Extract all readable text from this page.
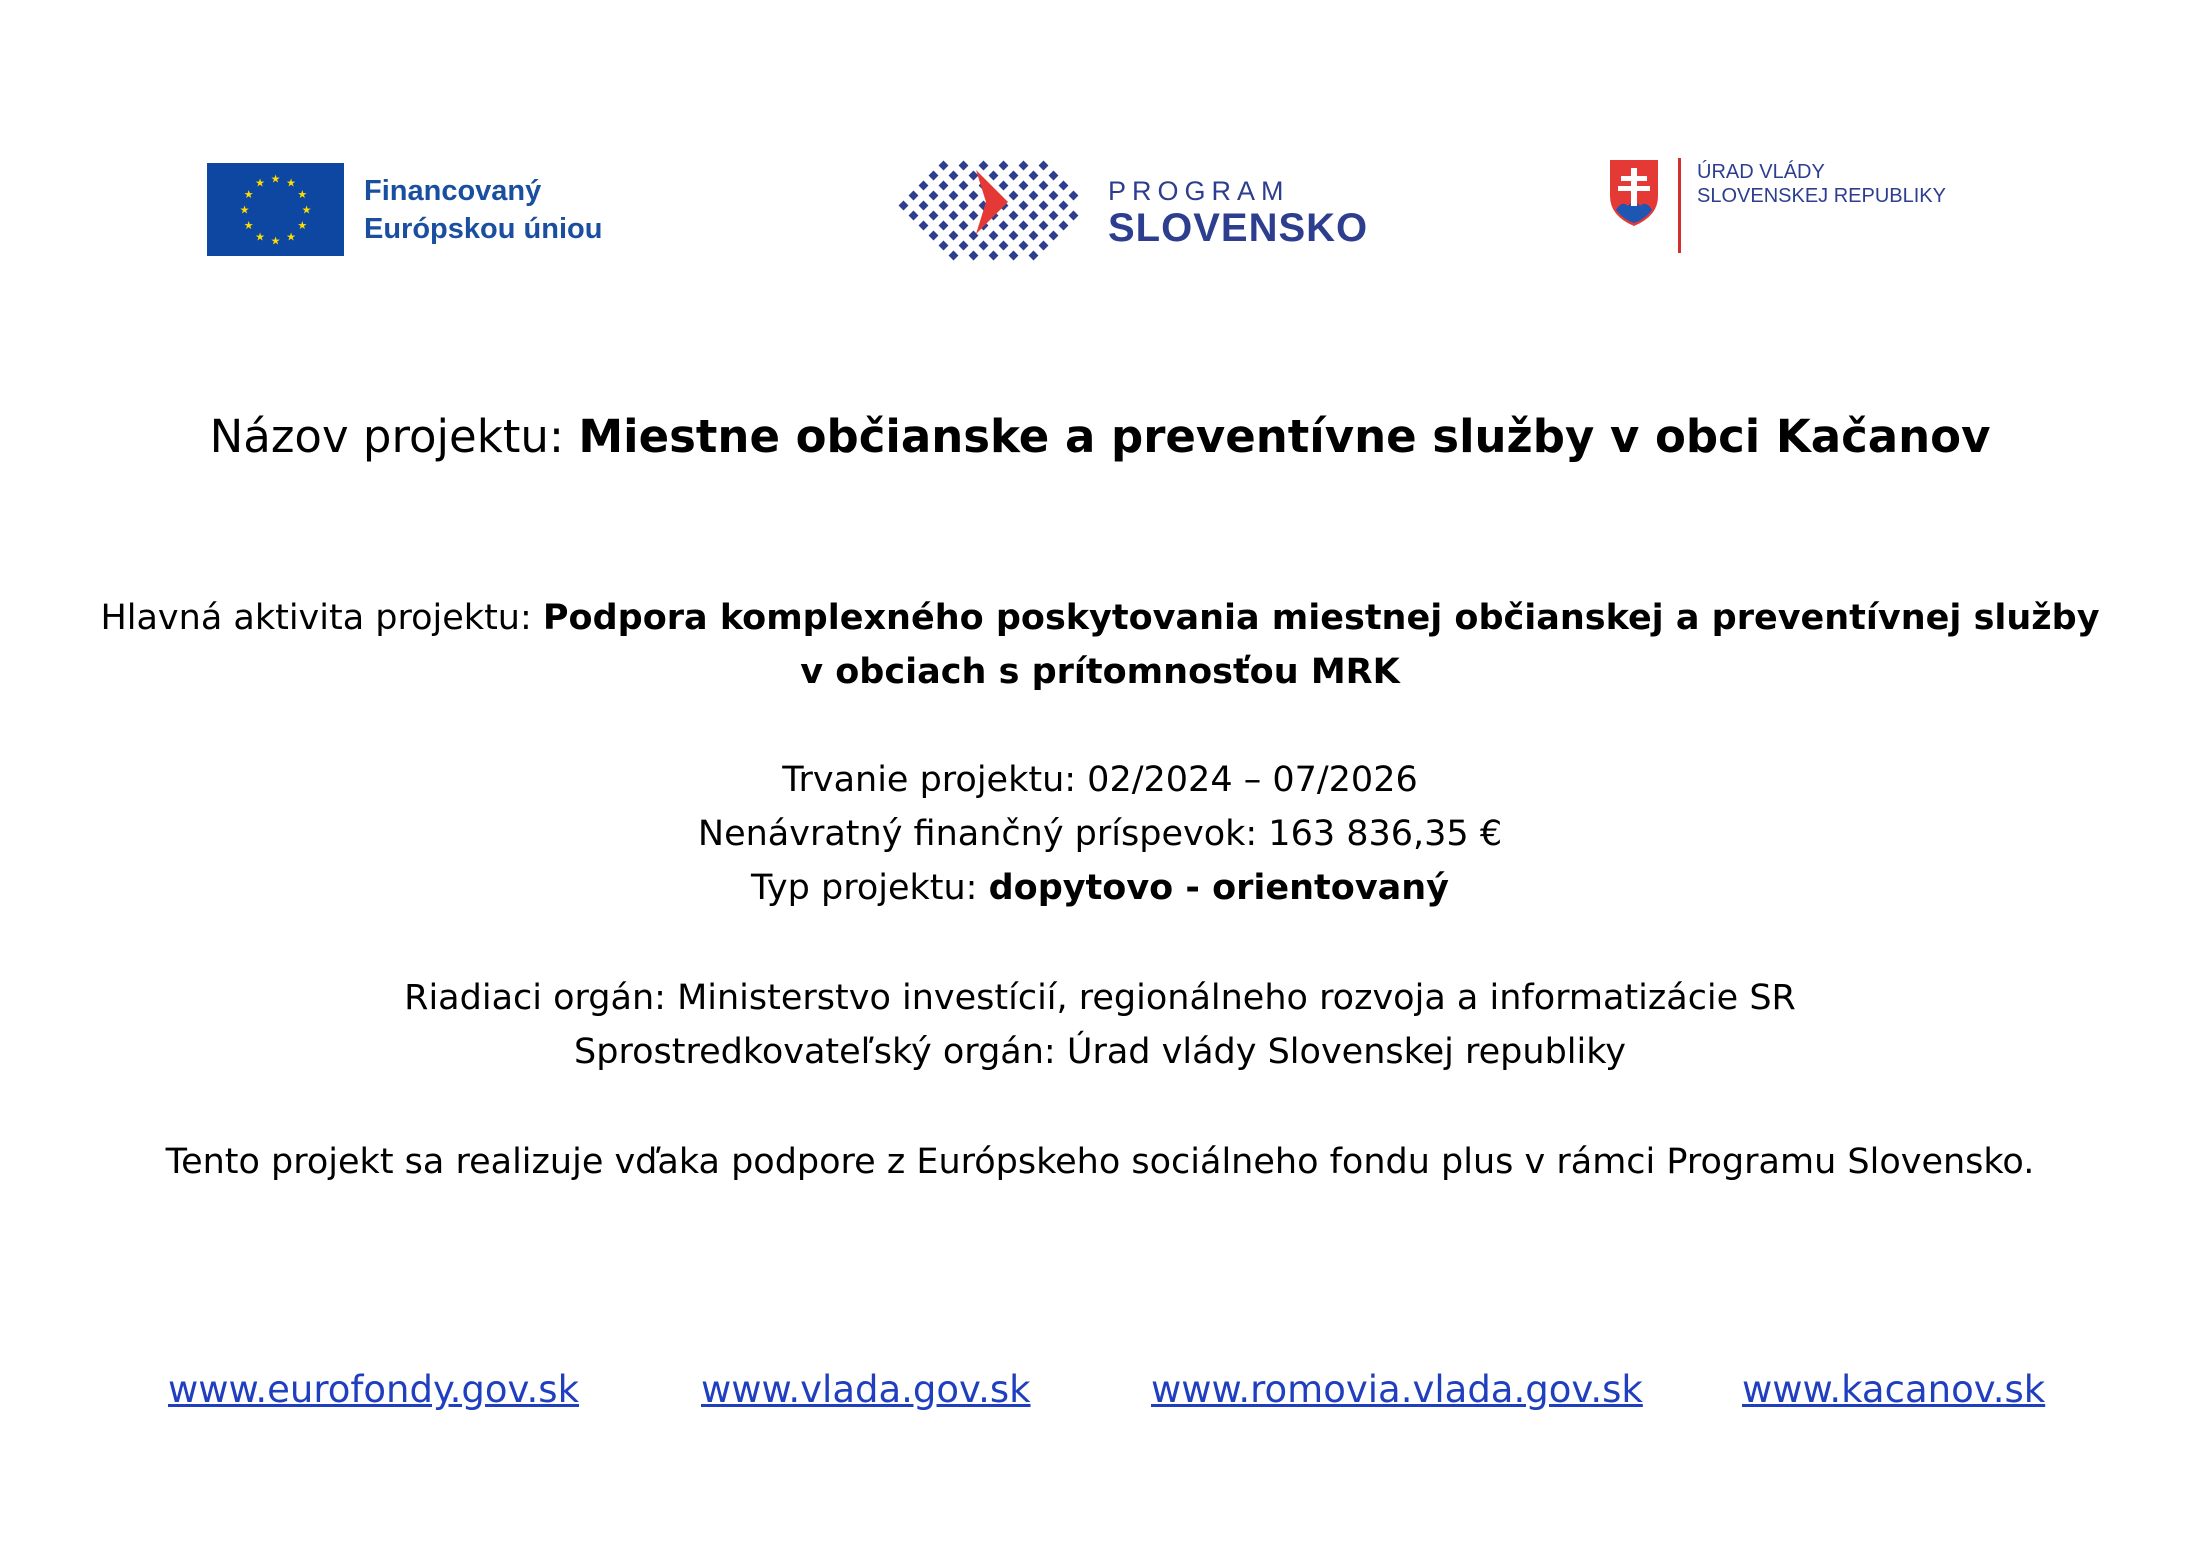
★ ★
★
★
★
★
★
★
★
★
★
★	Financovaný
Európskou úniou
PROGRAM
SLOVENSKO
ÚRAD VLÁDY
SLOVENSKEJ REPUBLIKY
Názov projektu: Miestne občianske a preventívne služby v obci Kačanov
Hlavná aktivita projektu: Podpora komplexného poskytovania miestnej občianskej a preventívnej služby
v obciach s prítomnosťou MRK
Trvanie projektu: 02/2024 – 07/2026
Nenávratný finančný príspevok: 163 836,35 €
Typ projektu: dopytovo - orientovaný
Riadiaci orgán: Ministerstvo investícií, regionálneho rozvoja a informatizácie SR
Sprostredkovateľský orgán: Úrad vlády Slovenskej republiky
Tento projekt sa realizuje vďaka podpore z Európskeho sociálneho fondu plus v rámci Programu Slovensko.
www.eurofondy.gov.sk	www.vlada.gov.sk	www.romovia.vlada.gov.sk	www.kacanov.sk
